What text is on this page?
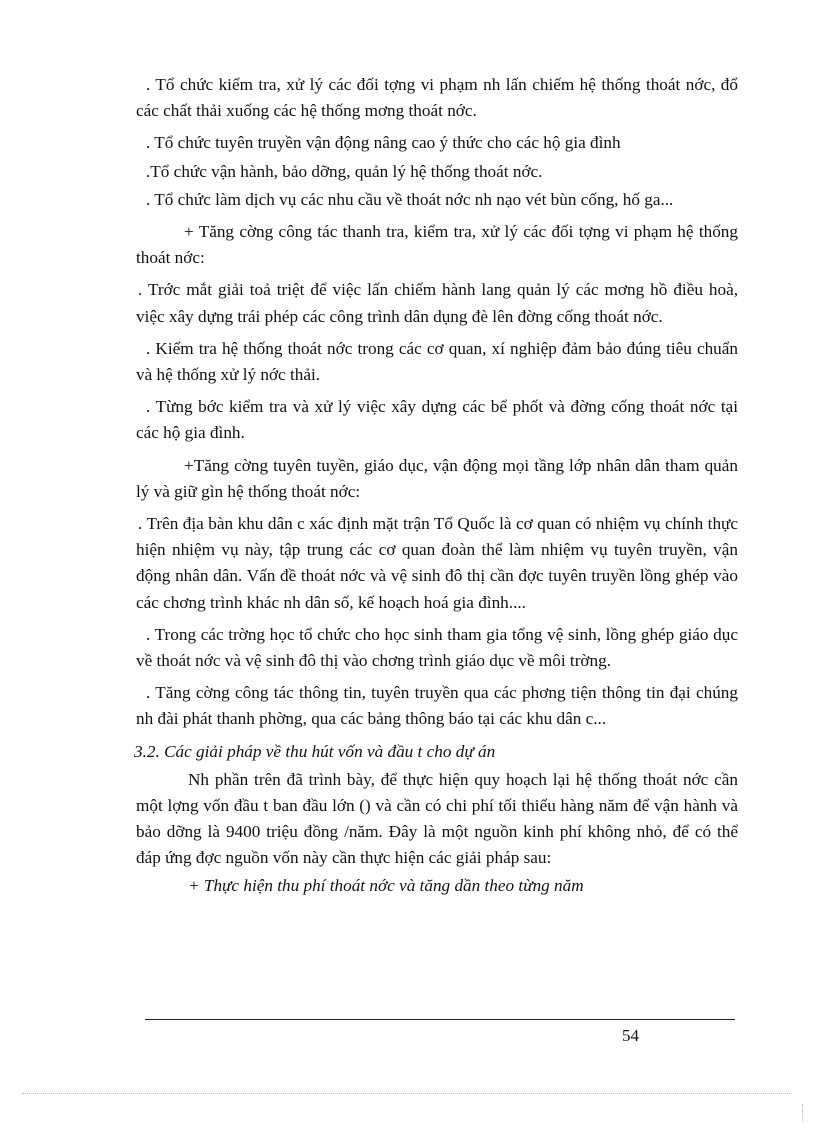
. Tổ chức kiểm tra, xử lý các đối tợng vi phạm nh lấn chiếm hệ thống thoát nớc, đổ các chất thải xuống các hệ thống mơng thoát nớc.

. Tổ chức tuyên truyền vận động nâng cao ý thức cho các hộ gia đình

.Tổ chức vận hành, bảo dỡng, quản lý hệ thống thoát nớc.

. Tổ chức làm dịch vụ các nhu cầu về thoát nớc nh nạo vét bùn cống, hố ga...

+ Tăng cờng công tác thanh tra, kiểm tra, xử lý các đối tợng vi phạm hệ thống thoát nớc:

. Trớc mắt giải toả triệt để việc lấn chiếm hành lang quản lý các mơng hồ điều hoà, việc xây dựng trái phép các công trình dân dụng đè lên đờng cống thoát nớc.

. Kiểm tra hệ thống thoát nớc trong các cơ quan, xí nghiệp đảm bảo đúng tiêu chuẩn và hệ thống xử lý nớc thải.

. Từng bớc kiểm tra và xử lý việc xây dựng các bể phốt và đờng cống thoát nớc tại các hộ gia đình.

+Tăng cờng tuyên tuyền, giáo dục, vận động mọi tầng lớp nhân dân tham quản lý và giữ gìn hệ thống thoát nớc:

. Trên địa bàn khu dân c xác định mặt trận Tổ Quốc là cơ quan có nhiệm vụ chính thực hiện nhiệm vụ này, tập trung các cơ quan đoàn thể làm nhiệm vụ tuyên truyền, vận động nhân dân. Vấn đề thoát nớc và vệ sinh đô thị cần đợc tuyên truyền lồng ghép vào các chơng trình khác nh dân số, kế hoạch hoá gia đình....

. Trong các trờng học tổ chức cho học sinh tham gia tổng vệ sinh, lồng ghép giáo dục về thoát nớc và vệ sinh đô thị vào chơng trình giáo dục về môi trờng.

. Tăng cờng công tác thông tin, tuyên truyền qua các phơng tiện thông tin đại chúng nh đài phát thanh phờng, qua các bảng thông báo tại các khu dân c...

3.2. Các giải pháp về thu hút vốn và đầu t cho dự án

Nh phần trên đã trình bày, để thực hiện quy hoạch lại hệ thống thoát nớc cần một lợng vốn đầu t ban đầu lớn () và cần có chi phí tối thiểu hàng năm để vận hành và bảo dỡng là 9400 triệu đồng /năm. Đây là một nguồn kinh phí không nhỏ, để có thể đáp ứng đợc nguồn vốn này cần thực hiện các giải pháp sau:

+ Thực hiện thu phí thoát nớc và tăng dần theo từng năm

54
